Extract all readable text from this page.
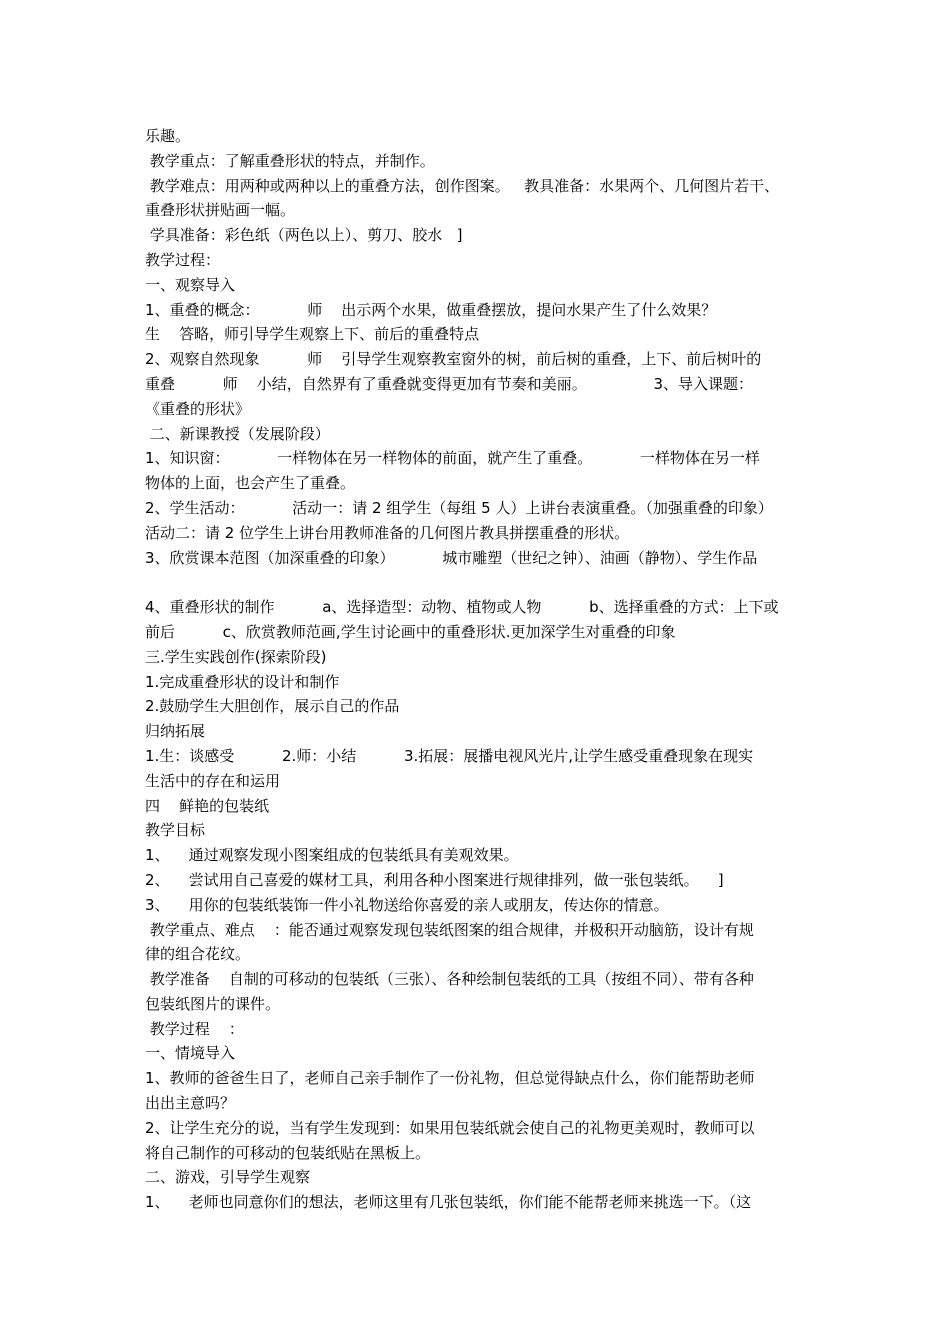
乐趣。
教学重点：了解重叠形状的特点，并制作。
教学难点：用两种或两种以上的重叠方法，创作图案。   教具准备：水果两个、几何图片若干、
重叠形状拼贴画一幅。
学具准备：彩色纸（两色以上）、剪刀、胶水   ]
教学过程：
一、观察导入
1、重叠的概念：          师    出示两个水果，做重叠摆放，提问水果产生了什么效果？
生    答略，师引导学生观察上下、前后的重叠特点
2、观察自然现象          师    引导学生观察教室窗外的树，前后树的重叠，上下、前后树叶的
重叠          师    小结，自然界有了重叠就变得更加有节奏和美丽。              3、导入课题：
《重叠的形状》
二、新课教授（发展阶段）
1、知识窗：          一样物体在另一样物体的前面，就产生了重叠。          一样物体在另一样
物体的上面，也会产生了重叠。
2、学生活动：          活动一：请 2 组学生（每组 5 人）上讲台表演重叠。（加强重叠的印象）
活动二：请 2 位学生上讲台用教师准备的几何图片教具拼摆重叠的形状。
3、欣赏课本范图（加深重叠的印象）          城市雕塑（世纪之钟）、油画（静物）、学生作品
4、重叠形状的制作          a、选择造型：动物、植物或人物          b、选择重叠的方式：上下或
前后          c、欣赏教师范画,学生讨论画中的重叠形状.更加深学生对重叠的印象
三.学生实践创作(探索阶段)
1.完成重叠形状的设计和制作
2.鼓励学生大胆创作，展示自己的作品
归纳拓展
1.生：谈感受          2.师：小结          3.拓展：展播电视风光片,让学生感受重叠现象在现实
生活中的存在和运用
四    鲜艳的包装纸
教学目标
1、    通过观察发现小图案组成的包装纸具有美观效果。
2、    尝试用自己喜爱的媒材工具，利用各种小图案进行规律排列，做一张包装纸。    ]
3、    用你的包装纸装饰一件小礼物送给你喜爱的亲人或朋友，传达你的情意。
教学重点、难点    ：能否通过观察发现包装纸图案的组合规律，并极积开动脑筋，设计有规
律的组合花纹。
教学准备    自制的可移动的包装纸（三张）、各种绘制包装纸的工具（按组不同）、带有各种
包装纸图片的课件。
教学过程    ：
一、情境导入
1、教师的爸爸生日了，老师自己亲手制作了一份礼物，但总觉得缺点什么，你们能帮助老师
出出主意吗？
2、让学生充分的说，当有学生发现到：如果用包装纸就会使自己的礼物更美观时，教师可以
将自己制作的可移动的包装纸贴在黑板上。
二、游戏，引导学生观察
1、    老师也同意你们的想法，老师这里有几张包装纸，你们能不能帮老师来挑选一下。（这
